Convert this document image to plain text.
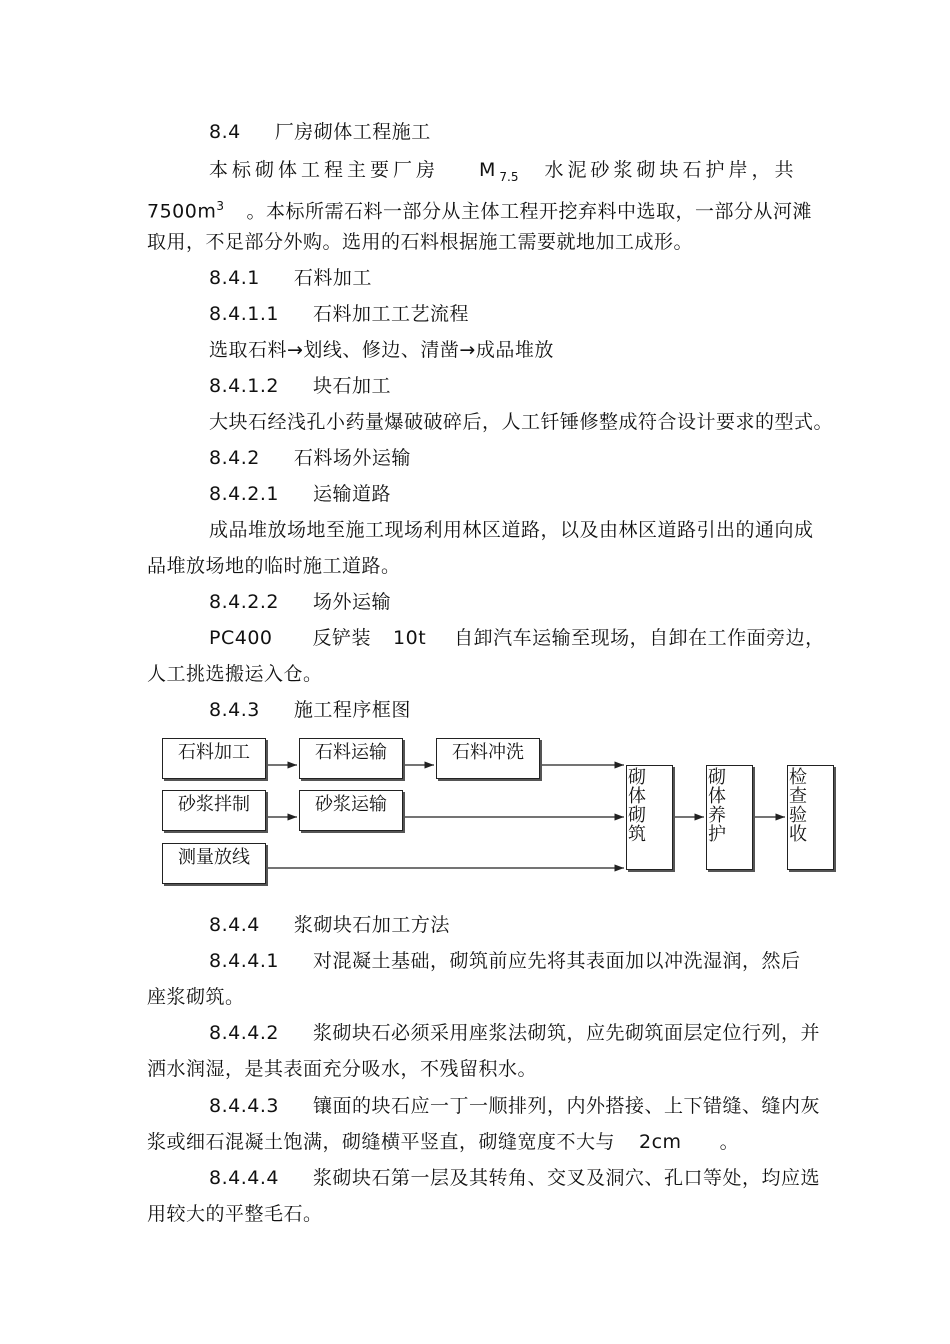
8.4 厂房砌体工程施工
本标砌体工程主要厂房 $M_{7.5}$ 水泥砂浆砌块石护岸，共
$7500m^3$ 。本标所需石料一部分从主体工程开挖弃料中选取，一部分从河滩
取用，不足部分外购。选用的石料根据施工需要就地加工成形。
8.4.1 石料加工
8.4.1.1 石料加工工艺流程
选取石料→划线、修边、清凿→成品堆放
8.4.1.2 块石加工
大块石经浅孔小药量爆破破碎后，人工钎锤修整成符合设计要求的型式。
8.4.2 石料场外运输
8.4.2.1 运输道路
成品堆放场地至施工现场利用林区道路，以及由林区道路引出的通向成
品堆放场地的临时施工道路。
8.4.2.2 场外运输
PC400 反铲装 10t 自卸汽车运输至现场，自卸在工作面旁边，
人工挑选搬运入仓。
8.4.3 施工程序框图
石料加工	石料运输	石料冲洗
砂浆拌制	砂浆运输
测量放线
砌体砌筑
砌体养护
检查验收
8.4.4 浆砌块石加工方法
8.4.4.1 对混凝土基础，砌筑前应先将其表面加以冲洗湿润，然后
座浆砌筑。
8.4.4.2 浆砌块石必须采用座浆法砌筑，应先砌筑面层定位行列，并
洒水润湿，是其表面充分吸水，不残留积水。
8.4.4.3 镶面的块石应一丁一顺排列，内外搭接、上下错缝、缝内灰
浆或细石混凝土饱满，砌缝横平竖直，砌缝宽度不大与 2cm 。
8.4.4.4 浆砌块石第一层及其转角、交叉及洞穴、孔口等处，均应选
用较大的平整毛石。
